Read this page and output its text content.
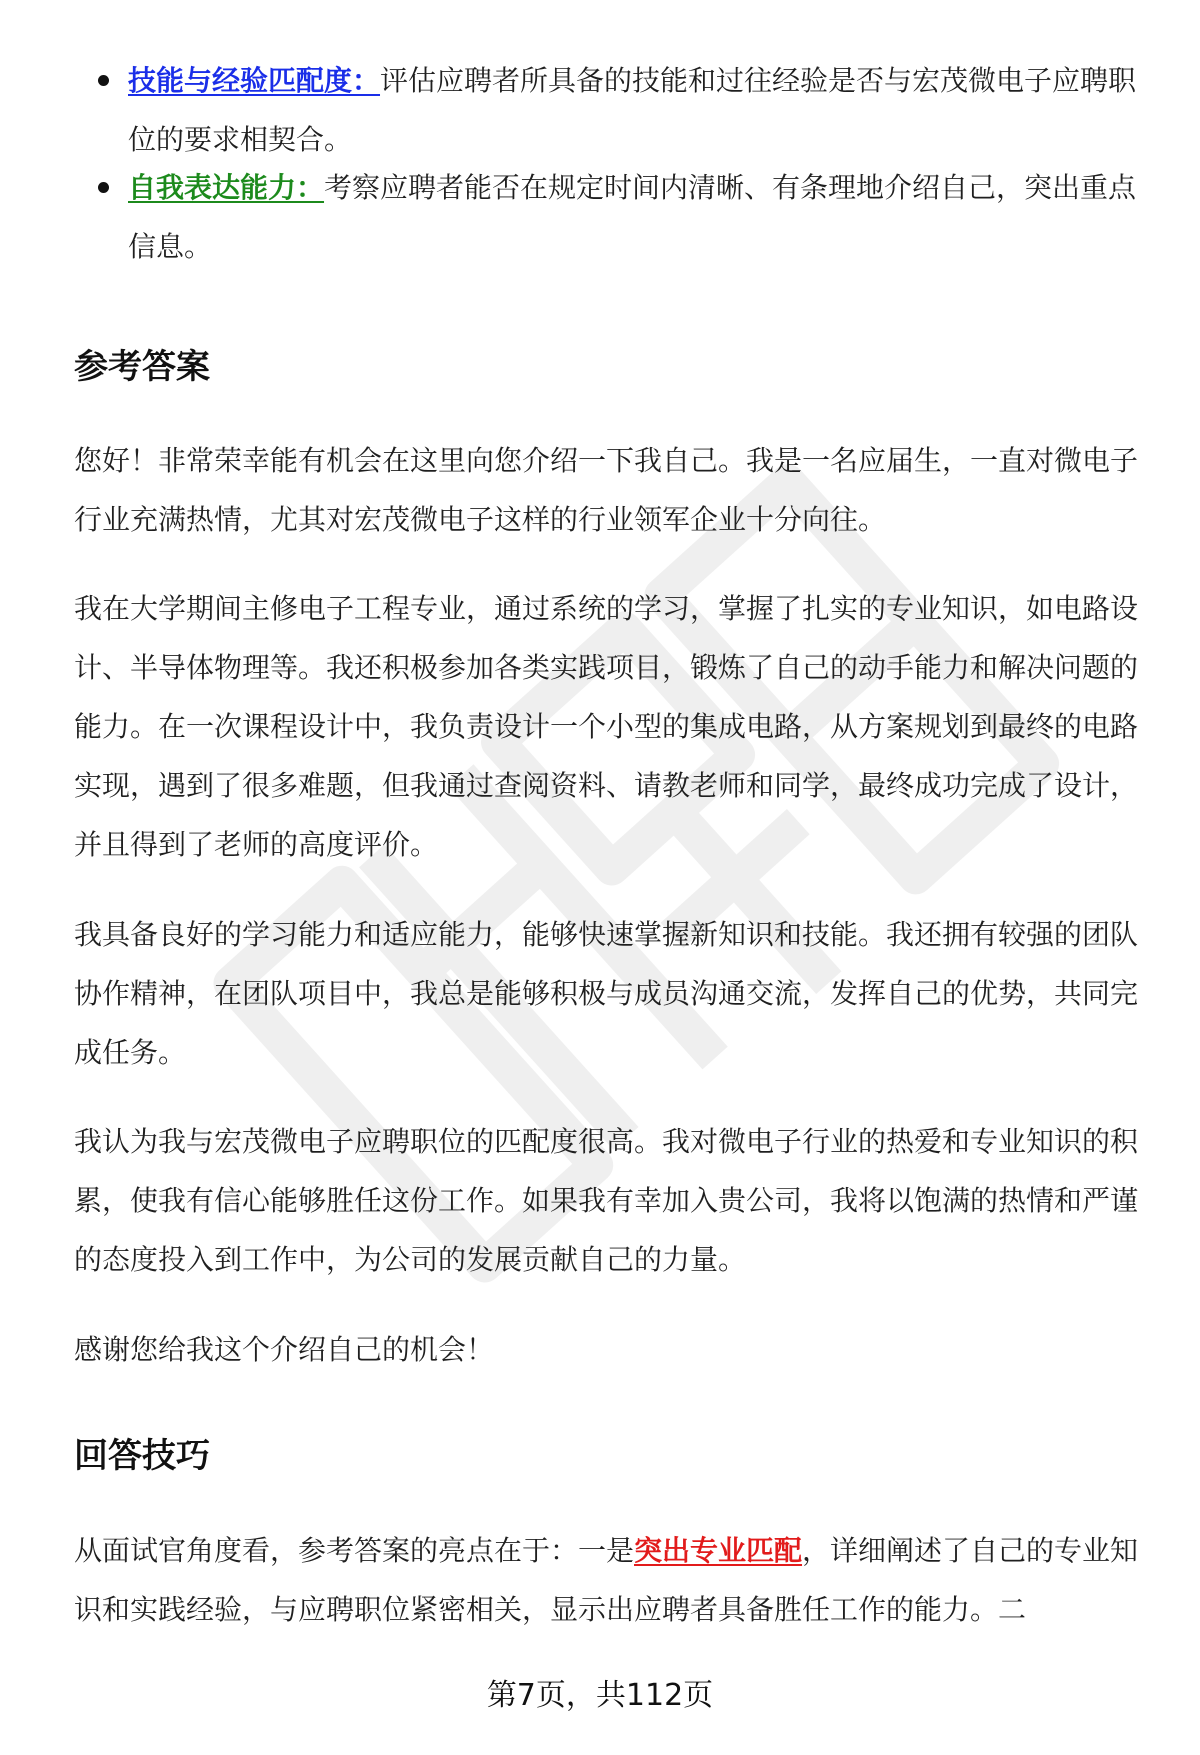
技能与经验匹配度：评估应聘者所具备的技能和过往经验是否与宏茂微电子应聘职位的要求相契合。
自我表达能力：考察应聘者能否在规定时间内清晰、有条理地介绍自己，突出重点信息。
参考答案

您好！非常荣幸能有机会在这里向您介绍一下我自己。我是一名应届生，一直对微电子行业充满热情，尤其对宏茂微电子这样的行业领军企业十分向往。

我在大学期间主修电子工程专业，通过系统的学习，掌握了扎实的专业知识，如电路设计、半导体物理等。我还积极参加各类实践项目，锻炼了自己的动手能力和解决问题的能力。在一次课程设计中，我负责设计一个小型的集成电路，从方案规划到最终的电路实现，遇到了很多难题，但我通过查阅资料、请教老师和同学，最终成功完成了设计，并且得到了老师的高度评价。

我具备良好的学习能力和适应能力，能够快速掌握新知识和技能。我还拥有较强的团队协作精神，在团队项目中，我总是能够积极与成员沟通交流，发挥自己的优势，共同完成任务。

我认为我与宏茂微电子应聘职位的匹配度很高。我对微电子行业的热爱和专业知识的积累，使我有信心能够胜任这份工作。如果我有幸加入贵公司，我将以饱满的热情和严谨的态度投入到工作中，为公司的发展贡献自己的力量。

感谢您给我这个介绍自己的机会！

回答技巧

从面试官角度看，参考答案的亮点在于：一是突出专业匹配，详细阐述了自己的专业知识和实践经验，与应聘职位紧密相关，显示出应聘者具备胜任工作的能力。二

第7页，共112页
